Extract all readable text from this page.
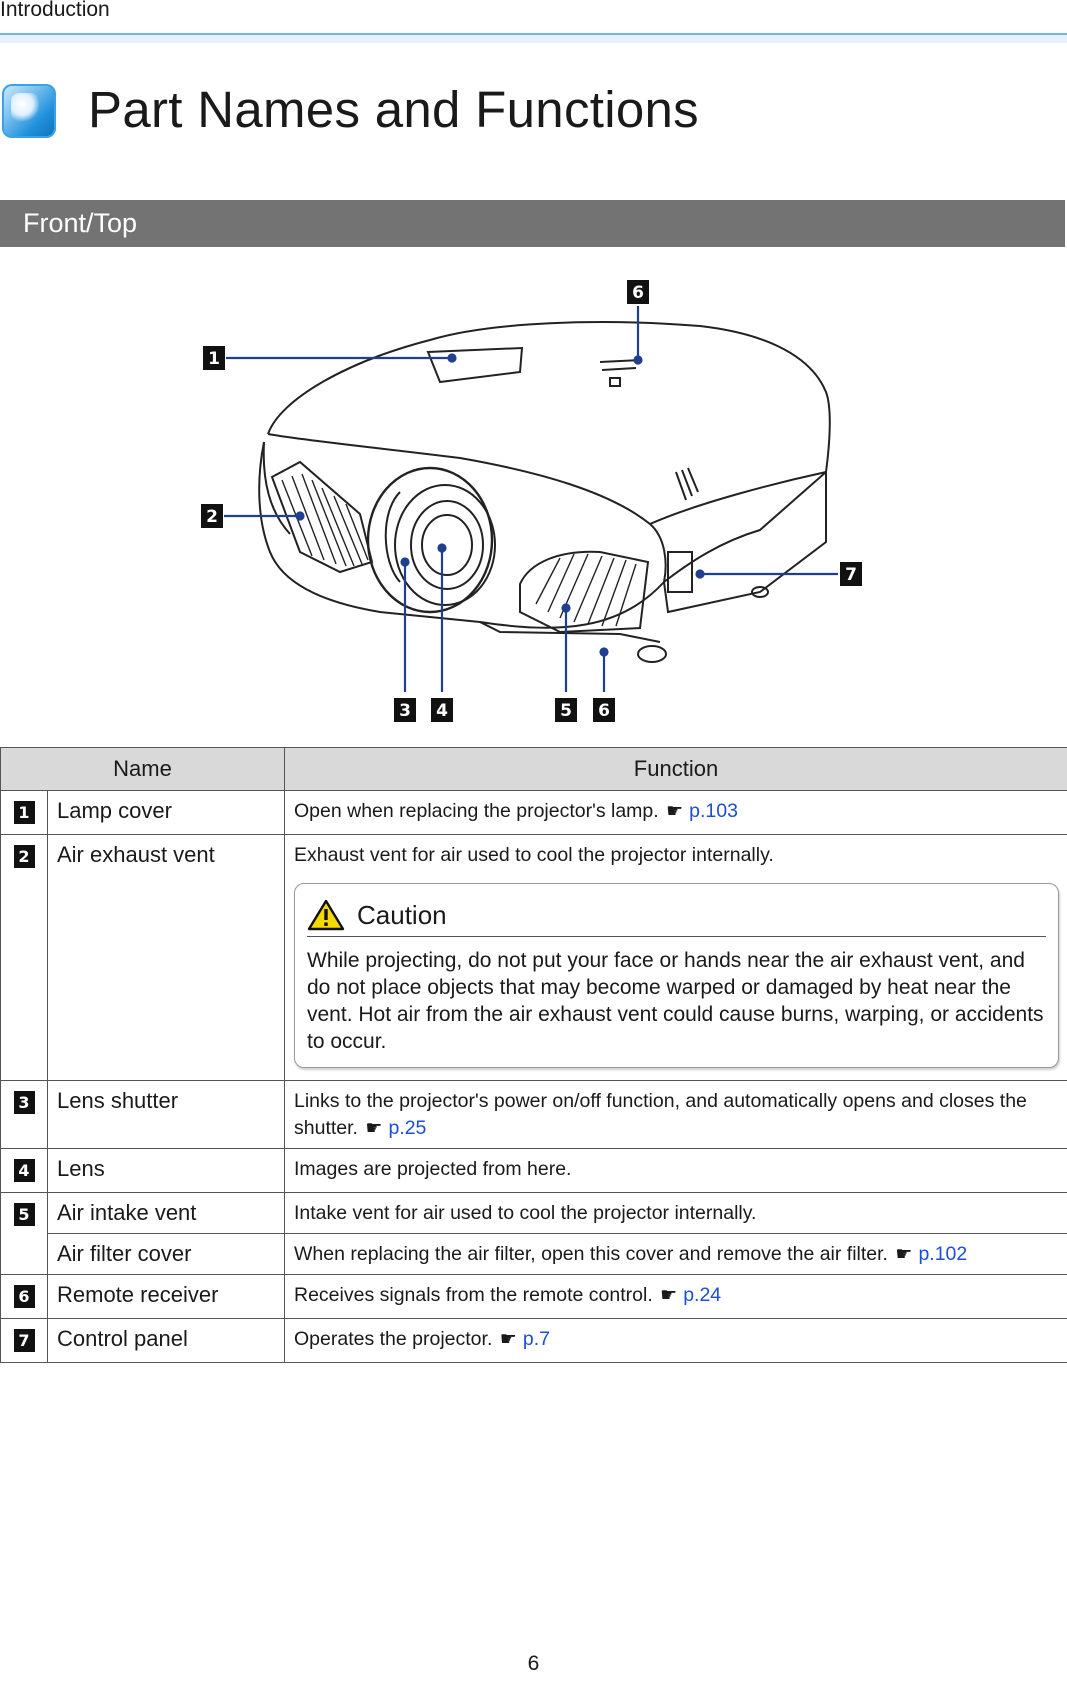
Introduction
Part Names and Functions
Front/Top
6
1
2
7
3 4	5 6
Name		Function
1	Lamp cover	Open when replacing the projector's lamp. ☛ p.103
2	Air exhaust vent	Exhaust vent for air used to cool the projector internally.
Caution
While projecting, do not put your face or hands near the air exhaust vent, and do not place objects that may become warped or damaged by heat near the vent. Hot air from the air exhaust vent could cause burns, warping, or accidents to occur.

3	Lens shutter	Links to the projector's power on/off function, and automatically opens and closes the shutter. ☛ p.25
4	Lens	Images are projected from here.
5	Air intake vent	Intake vent for air used to cool the projector internally.
	Air filter cover	When replacing the air filter, open this cover and remove the air filter. ☛ p.102
6	Remote receiver	Receives signals from the remote control. ☛ p.24
7	Control panel	Operates the projector. ☛ p.7
6
